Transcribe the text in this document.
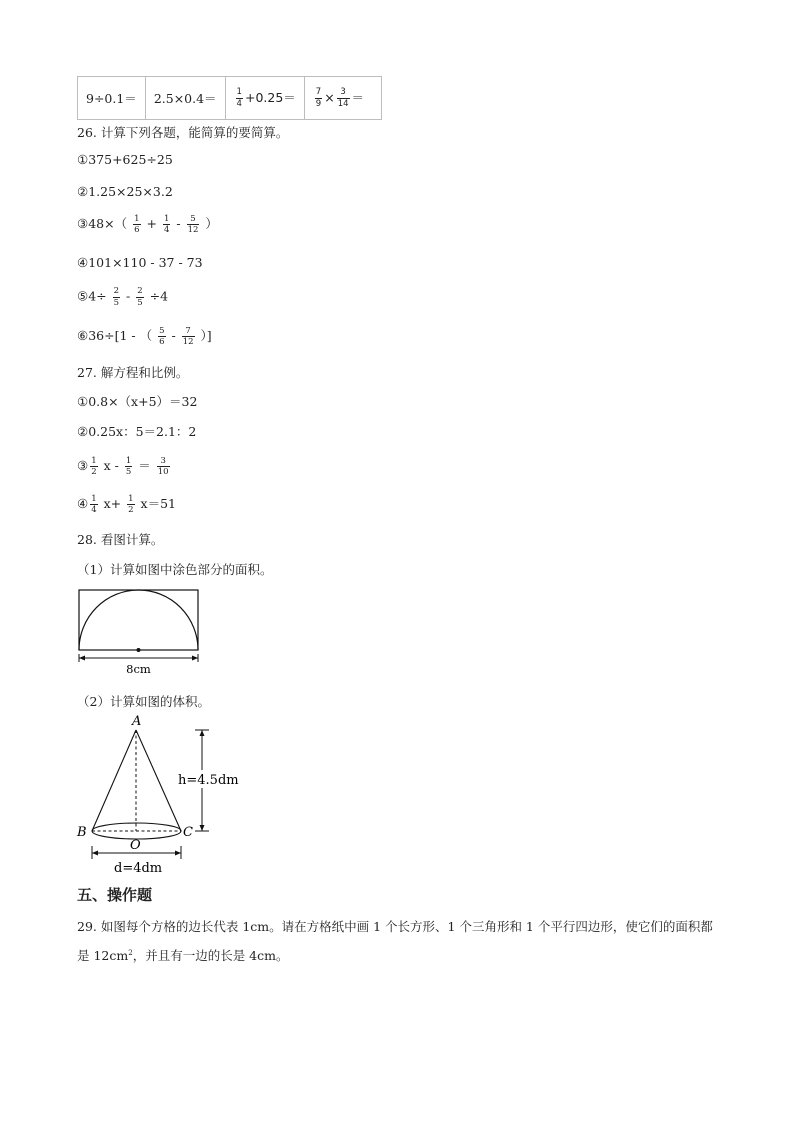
9÷0.1＝	2.5×0.4＝	$\frac{1}{4} +0.25=$	$\frac{7}{9} \times \frac{3}{14}$ ＝
26. 计算下列各题，能简算的要简算。
①375+625÷25
②1.25×25×3.2
③48×（ $\frac{1}{6} + \frac{1}{4} - \frac{5}{12}$ ）
④101×110 - 37 - 73
⑤4÷ $\frac{2}{5} - \frac{2}{5} \div 4$
⑥36÷[1 - （ $\frac{5}{6} - \frac{7}{12}$ ）]
27. 解方程和比例。
①0.8×（x+5）＝32
②0.25x：5＝2.1：2
③ $\frac{1}{2}$ $x - \frac{1}{5} = \frac{3}{10}$
④ $\frac{1}{4} x+ \frac{1}{2} x=51$
28. 看图计算。
（1）计算如图中涂色部分的面积。
8cm
（2）计算如图的体积。
A
B	C
O
h=4.5dm
d=4dm
五、操作题
29. 如图每个方格的边长代表 1cm。请在方格纸中画 1 个长方形、1 个三角形和 1 个平行四边形，使它们的面积都是 $12cm^2$，并且有一边的长是 4cm。
